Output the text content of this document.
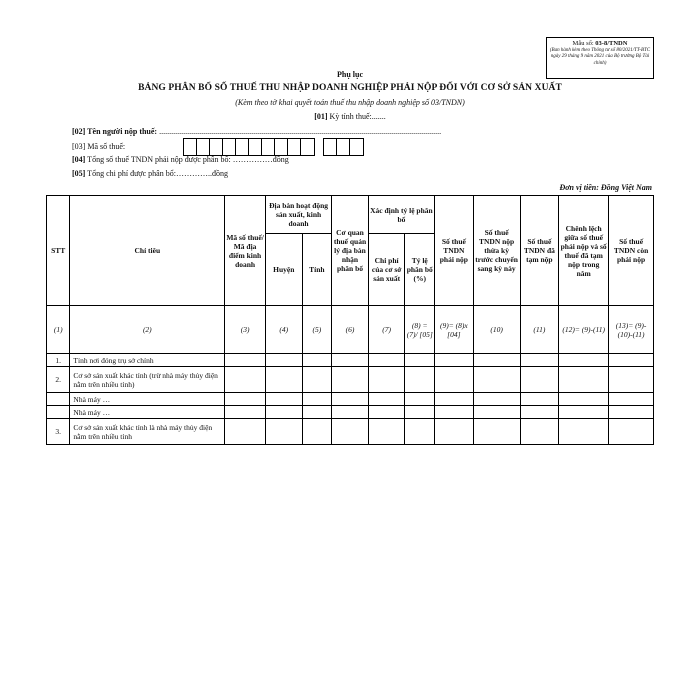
Mẫu số: 03-8/TNDN
(Ban hành kèm theo Thông tư số 80/2021/TT-BTC ngày 29 tháng 9 năm 2021 của Bộ trưởng Bộ Tài chính)
Phụ lục
BẢNG PHÂN BỔ SỐ THUẾ THU NHẬP DOANH NGHIỆP PHẢI NỘP ĐỐI VỚI CƠ SỞ SẢN XUẤT
(Kèm theo tờ khai quyết toán thuế thu nhập doanh nghiệp số 03/TNDN)
[01] Kỳ tính thuế:.......
[02] Tên người nộp thuế: .............................................................................................................................................
[03] Mã số thuế:
[04] Tổng số thuế TNDN phải nộp được phân bổ: ……………đồng
[05] Tổng chi phí được phân bổ:…………..đồng
Đơn vị tiền: Đồng Việt Nam
STT	Chỉ tiêu	Mã số thuế/ Mã địa điểm kinh doanh	Địa bàn hoạt động sản xuất, kinh doanh		Cơ quan thuế quản lý địa bàn nhận phân bổ	Xác định tỷ lệ phân bổ		Số thuế TNDN phải nộp	Số thuế TNDN nộp thừa kỳ trước chuyển sang kỳ này	Số thuế TNDN đã tạm nộp	Chênh lệch giữa số thuế phải nộp và số thuế đã tạm nộp trong năm	Số thuế TNDN còn phải nộp
			Huyện	Tỉnh		Chi phí của cơ sở sản xuất	Tỷ lệ phân bổ (%)					
(1)	(2)	(3)	(4)	(5)	(6)	(7)	(8) = (7)/ [05]	(9)= (8)x [04]	(10)	(11)	(12)= (9)-(11)	(13)= (9)-(10)-(11)
1.	Tỉnh nơi đóng trụ sở chính											
2.	Cơ sở sản xuất khác tỉnh (trừ nhà máy thủy điện nằm trên nhiều tỉnh)											
	Nhà máy …											
	Nhà máy …											
3.	Cơ sở sản xuất khác tỉnh là nhà máy thủy điện nằm trên nhiều tỉnh											
